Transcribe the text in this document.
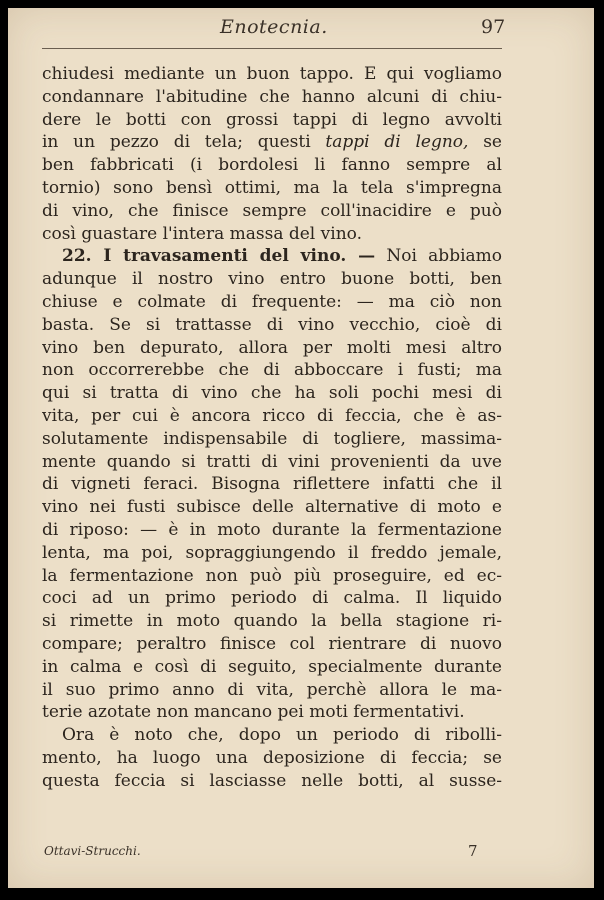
Enotecnia.	97
chiudesi mediante un buon tappo. E qui vogliamo
condannare l'abitudine che hanno alcuni di chiu-
dere le botti con grossi tappi di legno avvolti
in un pezzo di tela; questi tappi di legno, se
ben fabbricati (i bordolesi li fanno sempre al
tornio) sono bensì ottimi, ma la tela s'impregna
di vino, che finisce sempre coll'inacidire e può
così guastare l'intera massa del vino.
22. I travasamenti del vino. — Noi abbiamo
adunque il nostro vino entro buone botti, ben
chiuse e colmate di frequente: — ma ciò non
basta. Se si trattasse di vino vecchio, cioè di
vino ben depurato, allora per molti mesi altro
non occorrerebbe che di abboccare i fusti; ma
qui si tratta di vino che ha soli pochi mesi di
vita, per cui è ancora ricco di feccia, che è as-
solutamente indispensabile di togliere, massima-
mente quando si tratti di vini provenienti da uve
di vigneti feraci. Bisogna riflettere infatti che il
vino nei fusti subisce delle alternative di moto e
di riposo: — è in moto durante la fermentazione
lenta, ma poi, sopraggiungendo il freddo jemale,
la fermentazione non può più proseguire, ed ec-
coci ad un primo periodo di calma. Il liquido
si rimette in moto quando la bella stagione ri-
compare; peraltro finisce col rientrare di nuovo
in calma e così di seguito, specialmente durante
il suo primo anno di vita, perchè allora le ma-
terie azotate non mancano pei moti fermentativi.
Ora è noto che, dopo un periodo di ribolli-
mento, ha luogo una deposizione di feccia; se
questa feccia si lasciasse nelle botti, al susse-
Ottavi-Strucchi.	7
